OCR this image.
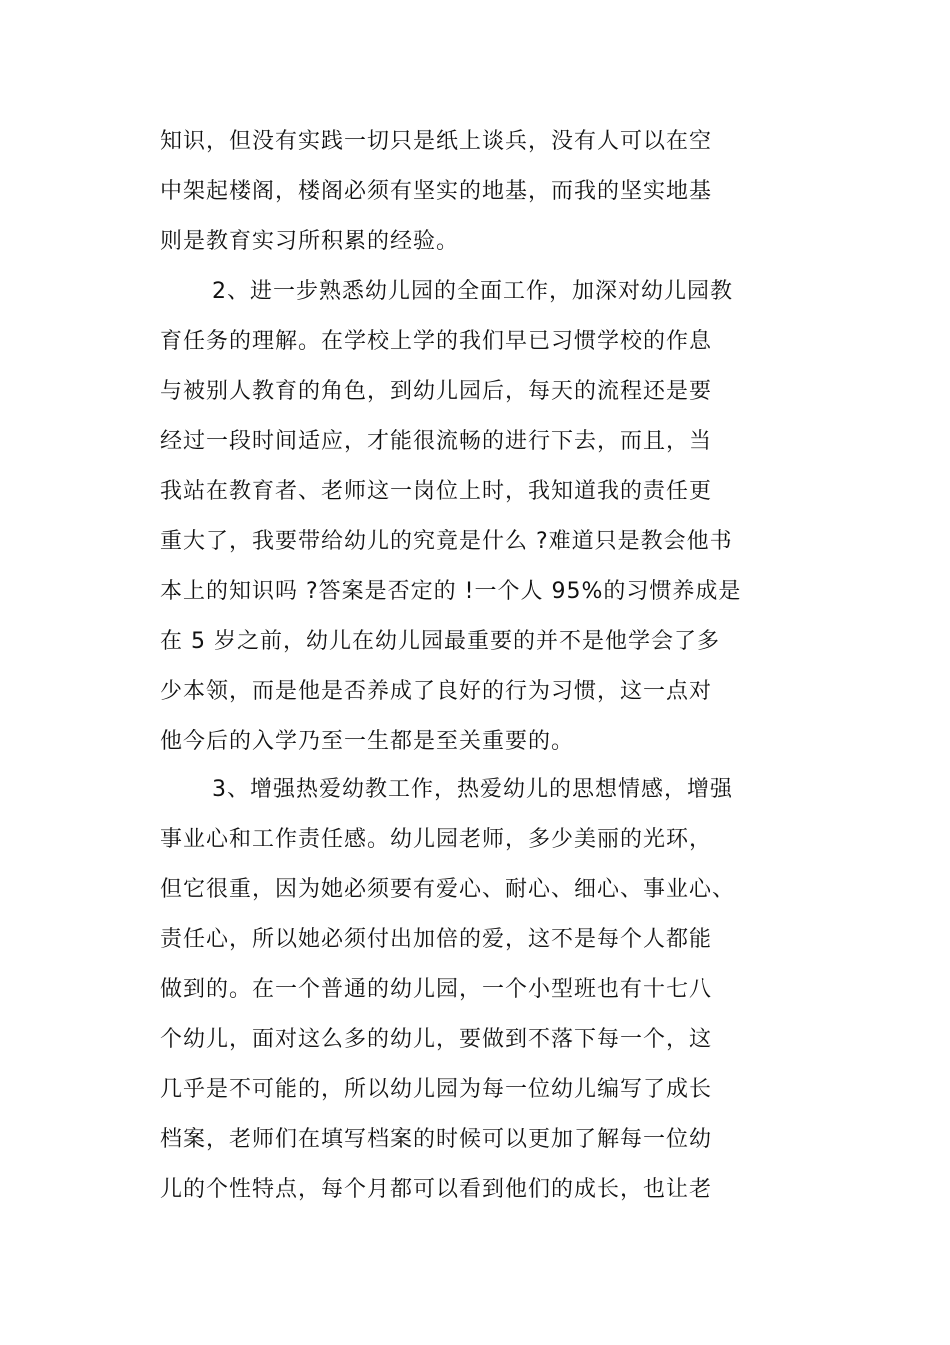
知识，但没有实践一切只是纸上谈兵，没有人可以在空
中架起楼阁，楼阁必须有坚实的地基，而我的坚实地基
则是教育实习所积累的经验。
2、进一步熟悉幼儿园的全面工作，加深对幼儿园教
育任务的理解。在学校上学的我们早已习惯学校的作息
与被别人教育的角色，到幼儿园后，每天的流程还是要
经过一段时间适应，才能很流畅的进行下去，而且，当
我站在教育者、老师这一岗位上时，我知道我的责任更
重大了，我要带给幼儿的究竟是什么 ?难道只是教会他书
本上的知识吗 ?答案是否定的 !一个人 95%的习惯养成是
在 5 岁之前，幼儿在幼儿园最重要的并不是他学会了多
少本领，而是他是否养成了良好的行为习惯，这一点对
他今后的入学乃至一生都是至关重要的。
3、增强热爱幼教工作，热爱幼儿的思想情感，增强
事业心和工作责任感。幼儿园老师，多少美丽的光环，
但它很重，因为她必须要有爱心、耐心、细心、事业心、
责任心，所以她必须付出加倍的爱，这不是每个人都能
做到的。在一个普通的幼儿园，一个小型班也有十七八
个幼儿，面对这么多的幼儿，要做到不落下每一个，这
几乎是不可能的，所以幼儿园为每一位幼儿编写了成长
档案，老师们在填写档案的时候可以更加了解每一位幼
儿的个性特点，每个月都可以看到他们的成长，也让老
